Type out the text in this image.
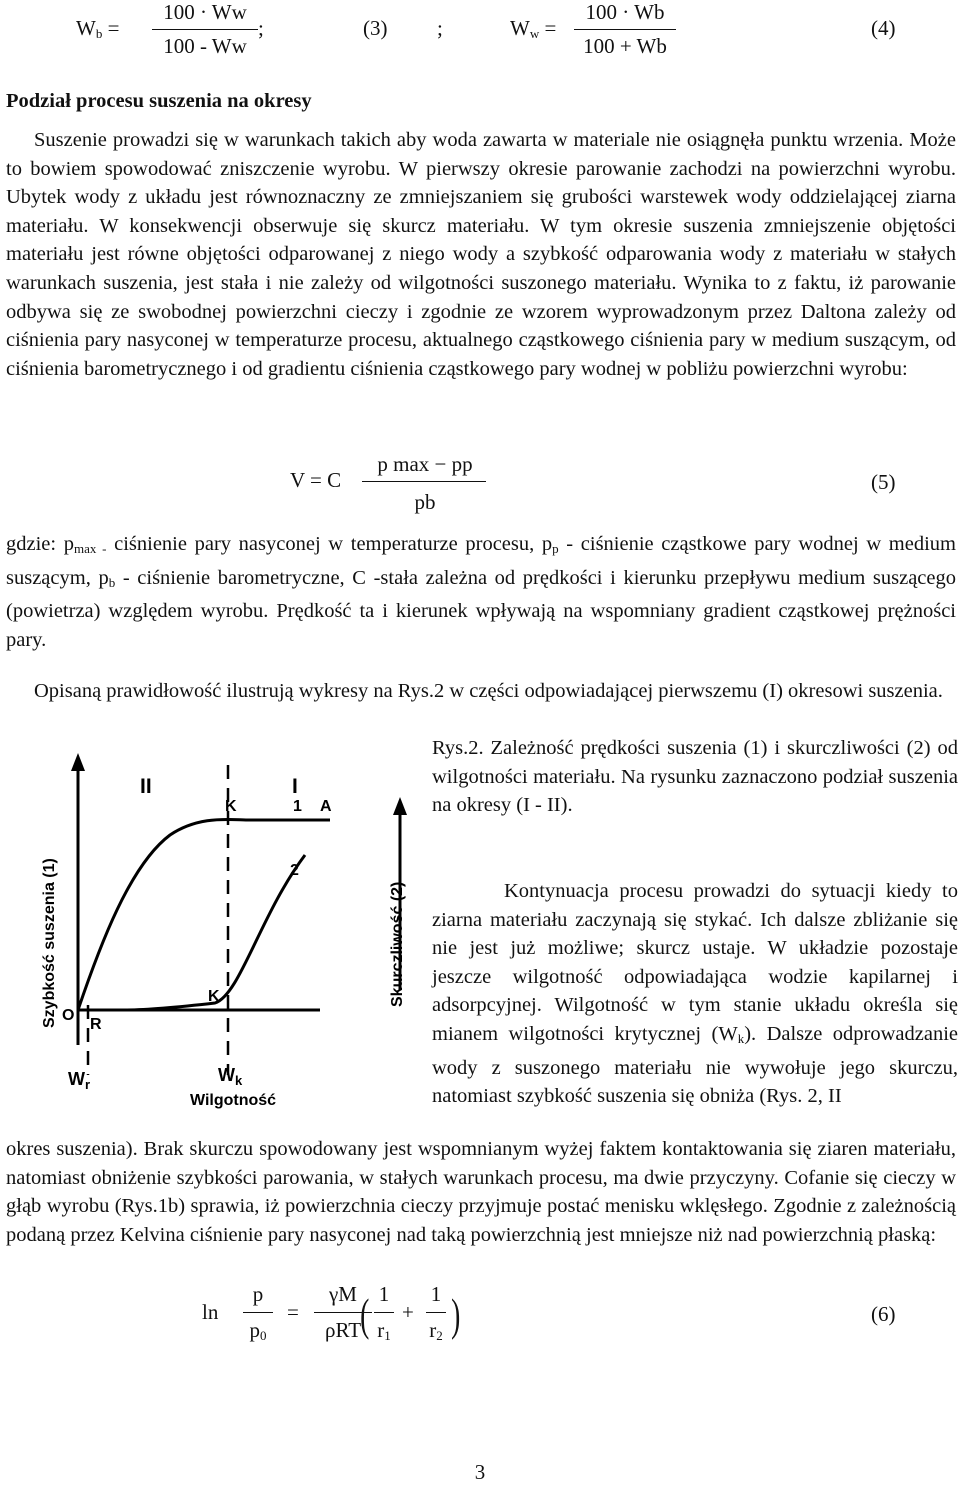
$W_b$ =
100 · Ww
100 - Ww
;	(3) ;	$W_w$ =
100 · Wb
100 + Wb
(4)
Podział procesu suszenia na okresy

Suszenie prowadzi się w warunkach takich aby woda zawarta w materiale nie osiągnęła punktu wrzenia. Może to bowiem spowodować zniszczenie wyrobu. W pierwszy okresie parowanie zachodzi na powierzchni wyrobu. Ubytek wody z układu jest równoznaczny ze zmniejszaniem się grubości warstewek wody oddzielającej ziarna materiału. W konsekwencji obserwuje się skurcz materiału. W tym okresie suszenia zmniejszenie objętości materiału jest równe objętości odparowanej z niego wody a szybkość odparowania wody z materiału w stałych warunkach suszenia, jest stała i nie zależy od wilgotności suszonego materiału. Wynika to z faktu, iż parowanie odbywa się ze swobodnej powierzchni cieczy i zgodnie ze wzorem wyprowadzonym przez Daltona zależy od ciśnienia pary nasyconej w temperaturze procesu, aktualnego cząstkowego ciśnienia pary w medium suszącym, od ciśnienia barometrycznego i od gradientu ciśnienia cząstkowego pary wodnej w pobliżu powierzchni wyrobu:

V = C
p max − pp
pb
(5)

gdzie: $p_{max -}$ ciśnienie pary nasyconej w temperaturze procesu, $p_p$ - ciśnienie cząstkowe pary wodnej w medium suszącym, $p_b$ - ciśnienie barometryczne, C -stała zależna od prędkości i kierunku przepływu medium suszącego (powietrza) względem wyrobu. Prędkość ta i kierunek wpływają na wspomniany gradient cząstkowej prężności pary.

Opisaną prawidłowość ilustrują wykresy na Rys.2 w części odpowiadającej pierwszemu (I) okresowi suszenia.

Rys.2. Zależność prędkości suszenia (1) i skurczliwości (2) od wilgotności materiału. Na rysunku zaznaczono podział suszenia na okresy (I - II).

II	I
K	1 A
2
K
O
R
$W_r$	$W_k$
Wilgotność
Szybkość suszenia (1)	Skurczliwość (2)	Kontynuacja procesu prowadzi do sytuacji kiedy to ziarna materiału zaczynają się stykać. Ich dalsze zbliżanie się nie jest już możliwe; skurcz ustaje. W układzie pozostaje jeszcze wilgotność odpowiadająca wodzie kapilarnej i adsorpcyjnej. Wilgotność w tym stanie układu określa się mianem wilgotności krytycznej $(W_k)$. Dalsze odprowadzanie wody z suszonego materiału nie wywołuje jego skurczu, natomiast szybkość suszenia się obniża (Rys. 2, II

okres suszenia). Brak skurczu spowodowany jest wspomnianym wyżej faktem kontaktowania się ziaren materiału, natomiast obniżenie szybkości parowania, w stałych warunkach procesu, ma dwie przyczyny. Cofanie się cieczy w głąb wyrobu (Rys.1b) sprawia, iż powierzchnia cieczy przyjmuje postać menisku wklęsłego. Zgodnie z zależnością podaną przez Kelvina ciśnienie pary nasyconej nad taką powierzchnią jest mniejsze niż nad powierzchnią płaską:

ln
p
$p_0$
=
γM
ρRT ( 1
$r_1$
+
1
$r_2$ )	(6)
3
